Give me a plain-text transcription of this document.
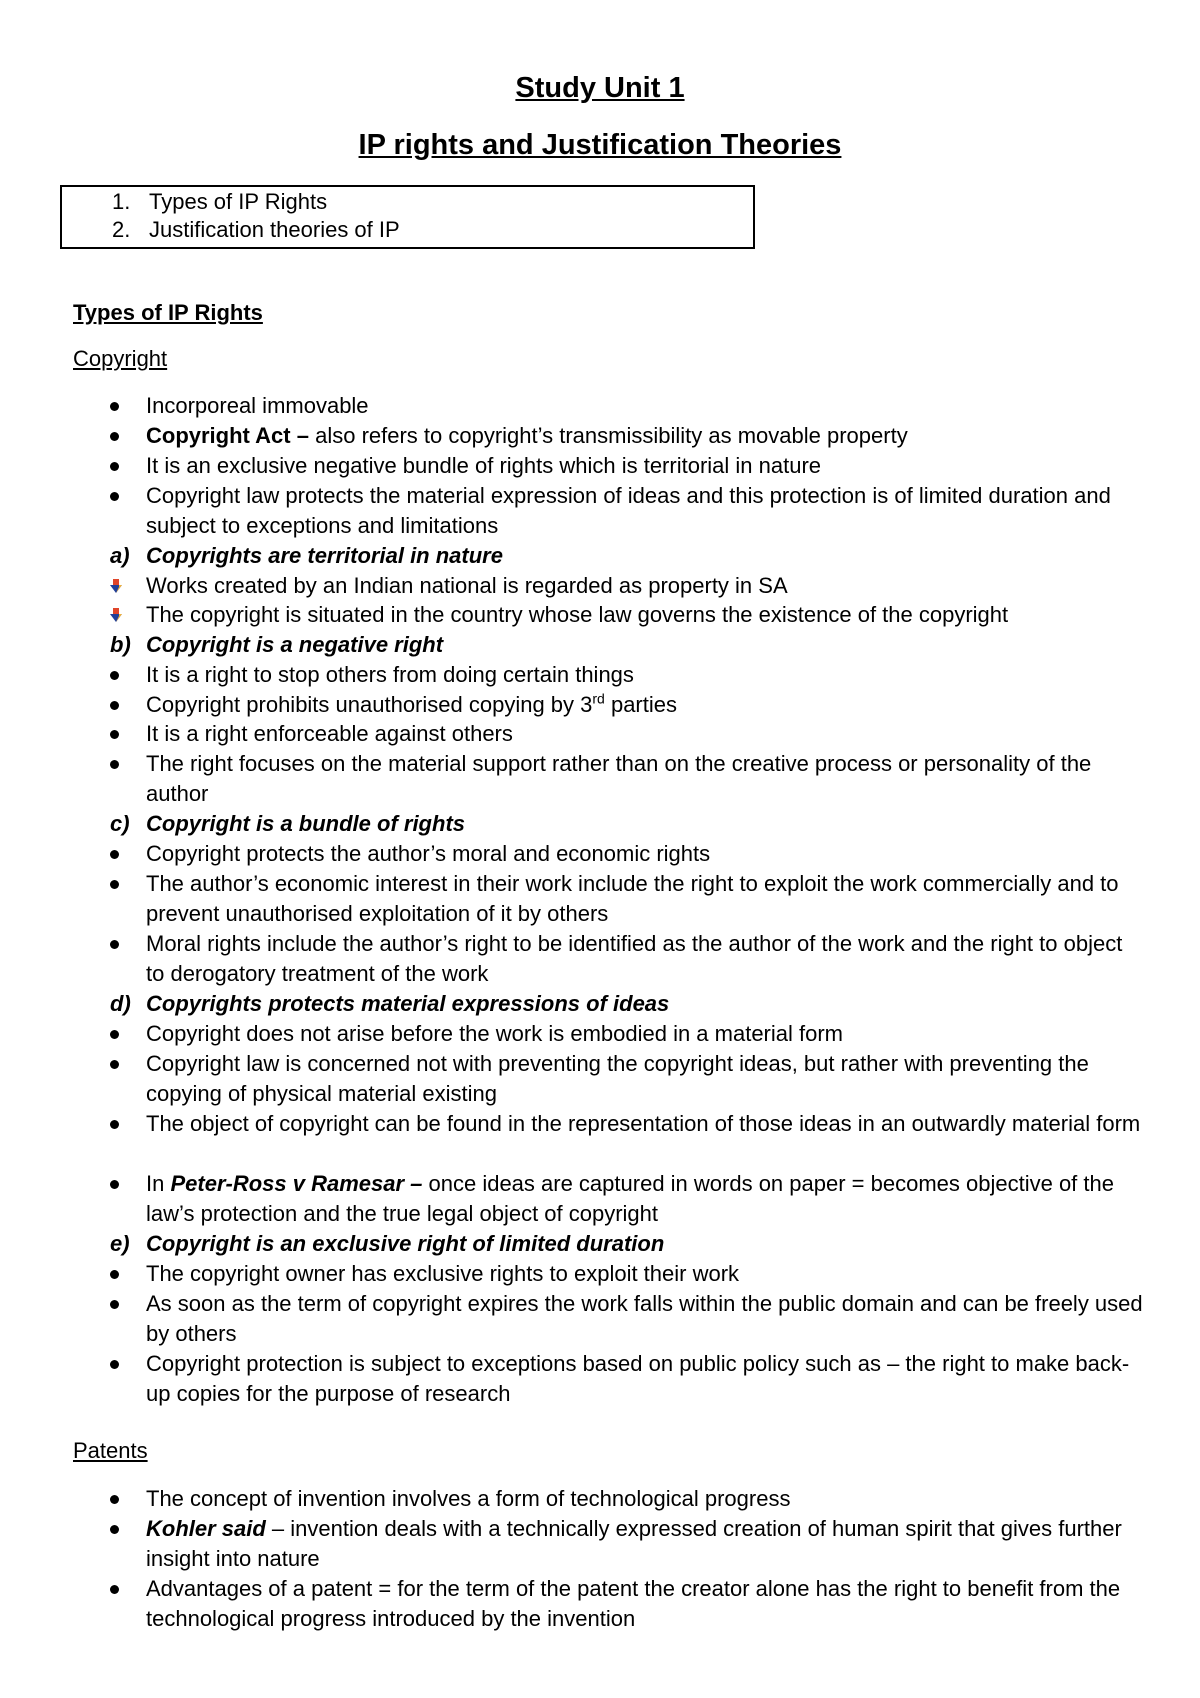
Study Unit 1
IP rights and Justification Theories
1. Types of IP Rights
2. Justification theories of IP
Types of IP Rights
Copyright
Incorporeal immovable
Copyright Act – also refers to copyright’s transmissibility as movable property
It is an exclusive negative bundle of rights which is territorial in nature
Copyright law protects the material expression of ideas and this protection is of limited duration and subject to exceptions and limitations
a) Copyrights are territorial in nature
Works created by an Indian national is regarded as property in SA
The copyright is situated in the country whose law governs the existence of the copyright
b) Copyright is a negative right
It is a right to stop others from doing certain things
Copyright prohibits unauthorised copying by 3rd parties
It is a right enforceable against others
The right focuses on the material support rather than on the creative process or personality of the author
c) Copyright is a bundle of rights
Copyright protects the author’s moral and economic rights
The author’s economic interest in their work include the right to exploit the work commercially and to prevent unauthorised exploitation of it by others
Moral rights include the author’s right to be identified as the author of the work and the right to object to derogatory treatment of the work
d) Copyrights protects material expressions of ideas
Copyright does not arise before the work is embodied in a material form
Copyright law is concerned not with preventing the copyright ideas, but rather with preventing the copying of physical material existing
The object of copyright can be found in the representation of those ideas in an outwardly material form
In Peter-Ross v Ramesar – once ideas are captured in words on paper = becomes objective of the law’s protection and the true legal object of copyright
e) Copyright is an exclusive right of limited duration
The copyright owner has exclusive rights to exploit their work
As soon as the term of copyright expires the work falls within the public domain and can be freely used by others
Copyright protection is subject to exceptions based on public policy such as – the right to make back-up copies for the purpose of research
Patents
The concept of invention involves a form of technological progress
Kohler said – invention deals with a technically expressed creation of human spirit that gives further insight into nature
Advantages of a patent = for the term of the patent the creator alone has the right to benefit from the technological progress introduced by the invention
